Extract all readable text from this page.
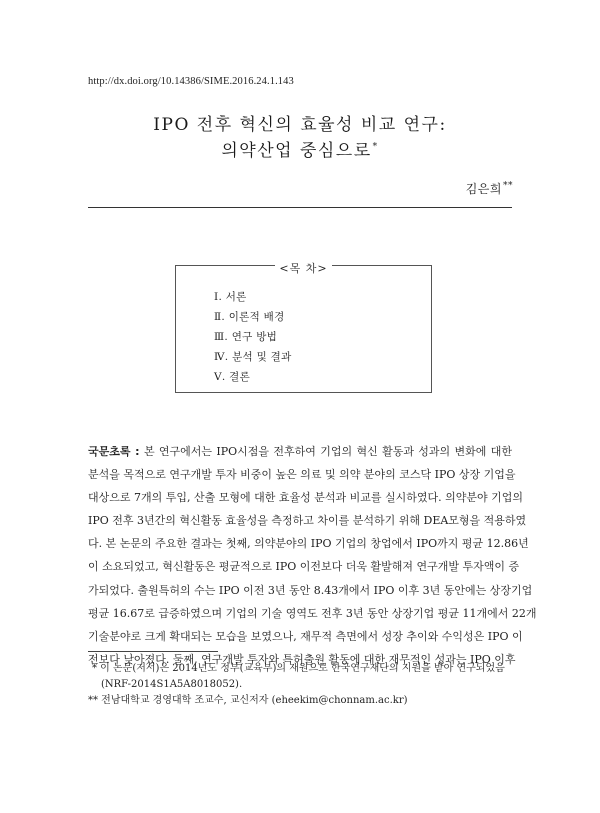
http://dx.doi.org/10.14386/SIME.2016.24.1.143
IPO 전후 혁신의 효율성 비교 연구:
의약산업 중심으로*
김은희**
<목 차>
Ⅰ. 서론
Ⅱ. 이론적 배경
Ⅲ. 연구 방법
Ⅳ. 분석 및 결과
Ⅴ. 결론
국문초록 : 본 연구에서는 IPO시점을 전후하여 기업의 혁신 활동과 성과의 변화에 대한
분석을 목적으로 연구개발 투자 비중이 높은 의료 및 의약 분야의 코스닥 IPO 상장 기업을
대상으로 7개의 투입, 산출 모형에 대한 효율성 분석과 비교를 실시하였다. 의약분야 기업의
IPO 전후 3년간의 혁신활동 효율성을 측정하고 차이를 분석하기 위해 DEA모형을 적용하였
다. 본 논문의 주요한 결과는 첫째, 의약분야의 IPO 기업의 창업에서 IPO까지 평균 12.86년
이 소요되었고, 혁신활동은 평균적으로 IPO 이전보다 더욱 활발해져 연구개발 투자액이 증
가되었다. 출원특허의 수는 IPO 이전 3년 동안 8.43개에서 IPO 이후 3년 동안에는 상장기업
평균 16.67로 급증하였으며 기업의 기술 영역도 전후 3년 동안 상장기업 평균 11개에서 22개
기술분야로 크게 확대되는 모습을 보였으나, 재무적 측면에서 성장 추이와 수익성은 IPO 이
전보다 낮아졌다. 둘째, 연구개발 투자와 특허출원 활동에 대한 재무적인 성과는 IPO 이후
* 이 논문(저서)은 2014년도 정부(교육부)의 재원으로 한국연구재단의 지원을 받아 연구되었음
(NRF-2014S1A5A8018052).
** 전남대학교 경영대학 조교수, 교신저자 (eheekim@chonnam.ac.kr)
